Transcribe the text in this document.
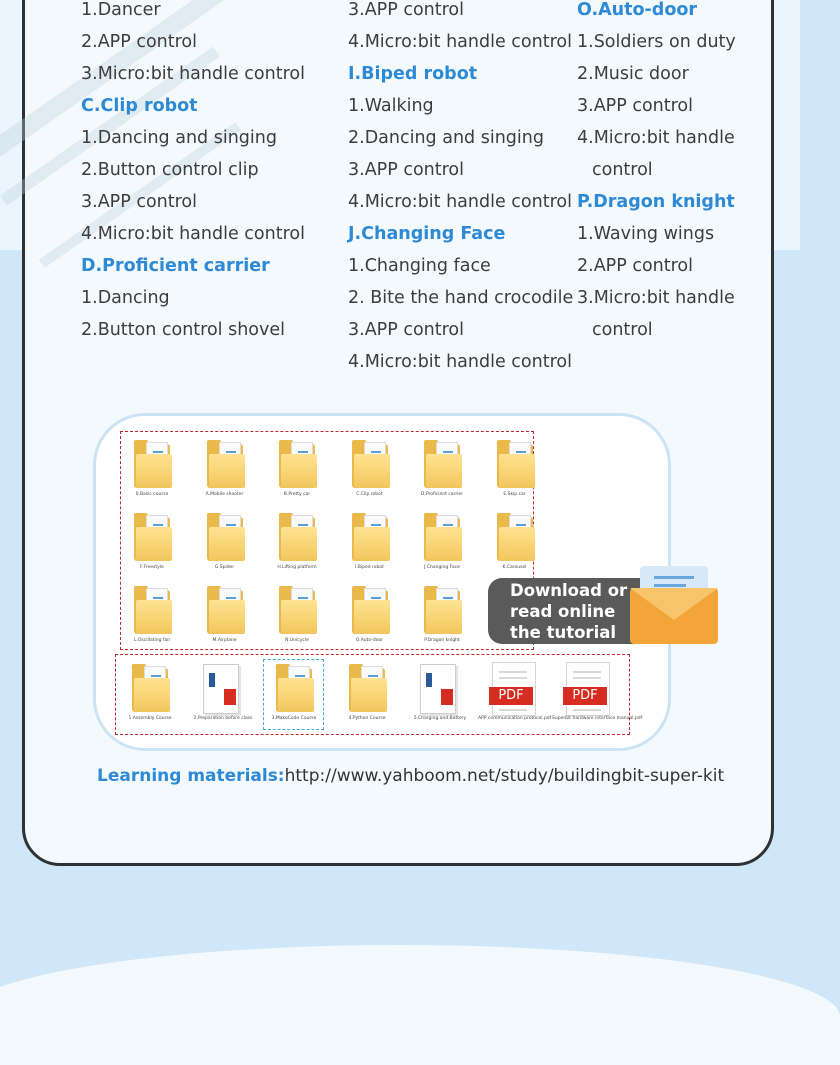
Download or
read online
the tutorial
Learning materials:http://www.yahboom.net/study/buildingbit-super-kit
1.Dancer
2.APP control
3.Micro:bit handle control
C.Clip robot
1.Dancing and singing
2.Button control clip
3.APP control
4.Micro:bit handle control
D.Proficient carrier
1.Dancing
2.Button control shovel
3.APP control
4.Micro:bit handle control
I.Biped robot
1.Walking
2.Dancing and singing
3.APP control
4.Micro:bit handle control
J.Changing Face
1.Changing face
2. Bite the hand crocodile
3.APP control
4.Micro:bit handle control
O.Auto-door
1.Soldiers on duty
2.Music door
3.APP control
4.Micro:bit handle
control
P.Dragon knight
1.Waving wings
2.APP control
3.Micro:bit handle
control
0.Basic course	A.Mobile shooter	B.Pretty car	C.Clip robot	D.Proficient carrier	E.Skip car
F.Freestyle	G.Spider	H.Lifting platform	I.Biped robot	J.Changing Face	K.Carousel
L.Oscillating fan	M.Airplane	N.Unicycle	O.Auto-door	P.Dragon knight
1.Assembly Course	2.Preparation before class	3.MakeCode Course	4.Python Course	5.Charging and Battery
PDF
APP communication protocol.pdf
PDF
Superbit hardware interface manual.pdf
